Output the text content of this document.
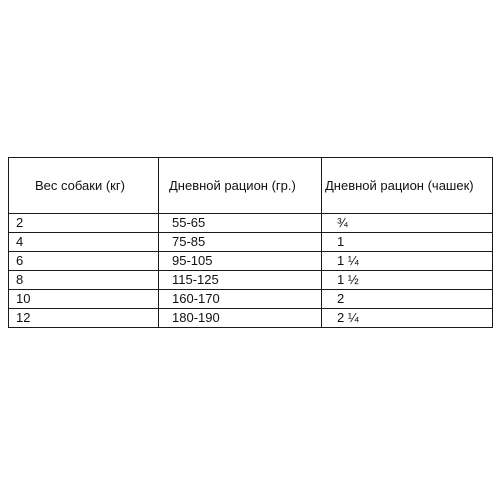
Вес собаки (кг)	Дневной рацион (гр.)	Дневной рацион (чашек)
2	55-65	¾
4	75-85	1
6	95-105	1 ¼
8	115-125	1 ½
10	160-170	2
12	180-190	2 ¼
